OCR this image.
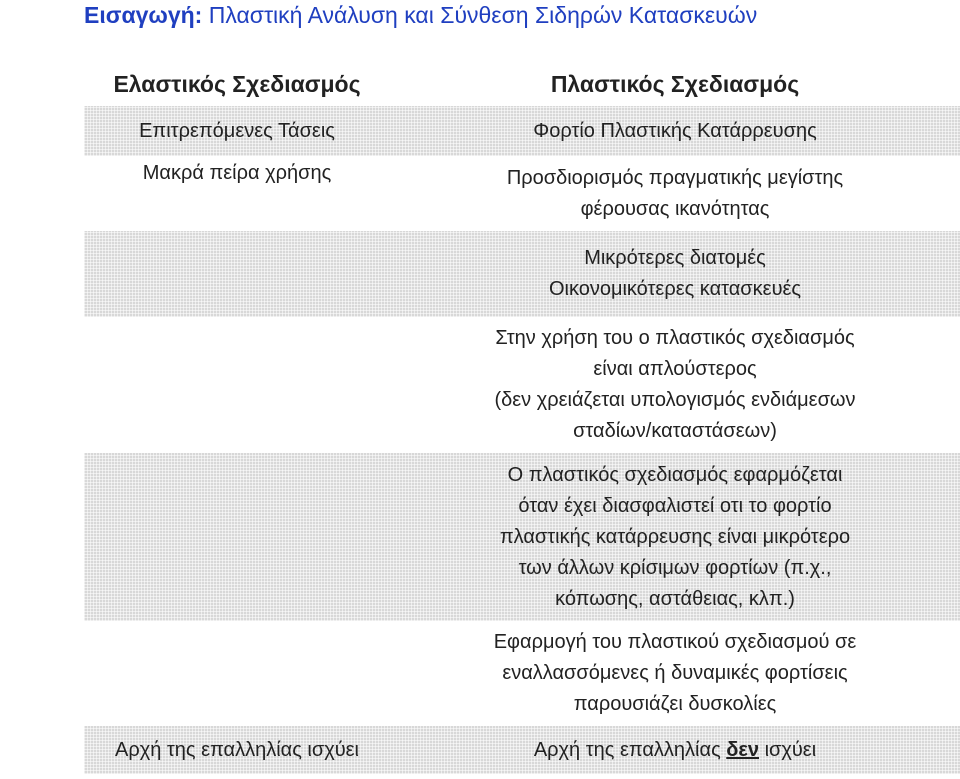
Εισαγωγή: Πλαστική Ανάλυση και Σύνθεση Σιδηρών Κατασκευών
Ελαστικός Σχεδιασμός	Πλαστικός Σχεδιασμός
Επιτρεπόμενες Τάσεις	Φορτίο Πλαστικής Κατάρρευσης

Μακρά πείρα χρήσης	Προσδιορισμός πραγματικής μεγίστης
φέρουσας ικανότητας

	Μικρότερες διατομές
Οικονομικότερες κατασκευές

	Στην χρήση του ο πλαστικός σχεδιασμός
είναι απλούστερος
(δεν χρειάζεται υπολογισμός ενδιάμεσων
σταδίων/καταστάσεων)

	Ο πλαστικός σχεδιασμός εφαρμόζεται
όταν έχει διασφαλιστεί οτι το φορτίο
πλαστικής κατάρρευσης είναι μικρότερο
των άλλων κρίσιμων φορτίων (π.χ.,
κόπωσης, αστάθειας, κλπ.)

	Εφαρμογή του πλαστικού σχεδιασμού σε
εναλλασσόμενες ή δυναμικές φορτίσεις
παρουσιάζει δυσκολίες

Αρχή της επαλληλίας ισχύει	Αρχή της επαλληλίας δεν ισχύει
